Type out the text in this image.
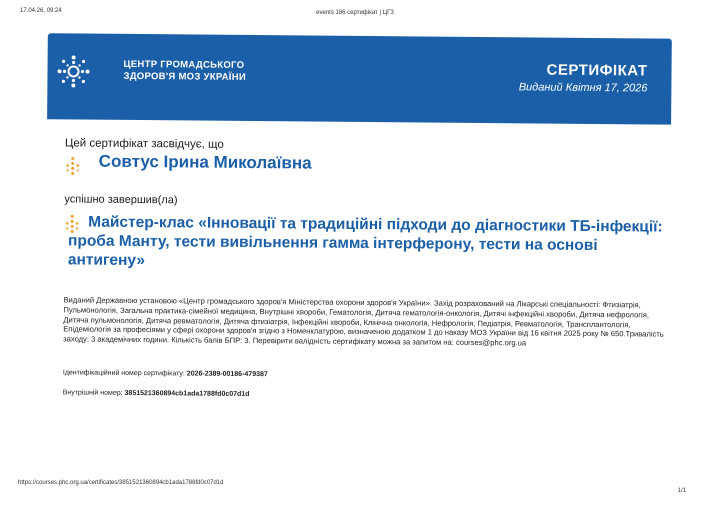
17.04.26, 09:24	events 186 сертифікат | ЦГЗ
ЦЕНТР ГРОМАДСЬКОГО
ЗДОРОВ'Я МОЗ УКРАЇНИ	СЕРТИФІКАТ
Виданий Квітня 17, 2026
Цей сертифікат засвідчує, що
Совтус Ірина Миколаївна
успішно завершив(ла)
Майстер-клас «Інновації та традиційні підходи до діагностики ТБ-інфекції: проба Манту, тести вивільнення гамма інтерферону, тести на основі антигену»
Виданий Державною установою «Центр громадського здоров'я Міністерства охорони здоров'я України». Захід розрахований на Лікарські спеціальності: Фтизіатрія, Пульмонологія, Загальна практика-сімейної медицина, Внутрішні хвороби, Гематологія, Дитяча гематологія-онкологія, Дитячі інфекційні хвороби, Дитяча нефрологія, Дитяча пульмонологія, Дитяча ревматологія, Дитяча фтизіатрія, Інфекційні хвороби, Клінічна онкологія, Нефрологія, Педіатрія, Ревматологія, Трансплантологія, Епідеміологія за професіями у сфері охорони здоров'я згідно з Номенклатурою, визначеною додатком 1 до наказу МОЗ України від 16 квітня 2025 року № 650.Тривалість заходу: 3 академічних години. Кількість балів БПР: 3. Перевірити валідність сертифікату можна за запитом на: courses@phc.org.ua
Ідентифікаційний номер сертифікату: 2026-2389-00186-479387
Внутрішній номер: 3851521360894cb1ada1788fd0c07d1d
https://courses.phc.org.ua/certificates/3851521360894cb1ada1788fd0c07d1d
1/1
